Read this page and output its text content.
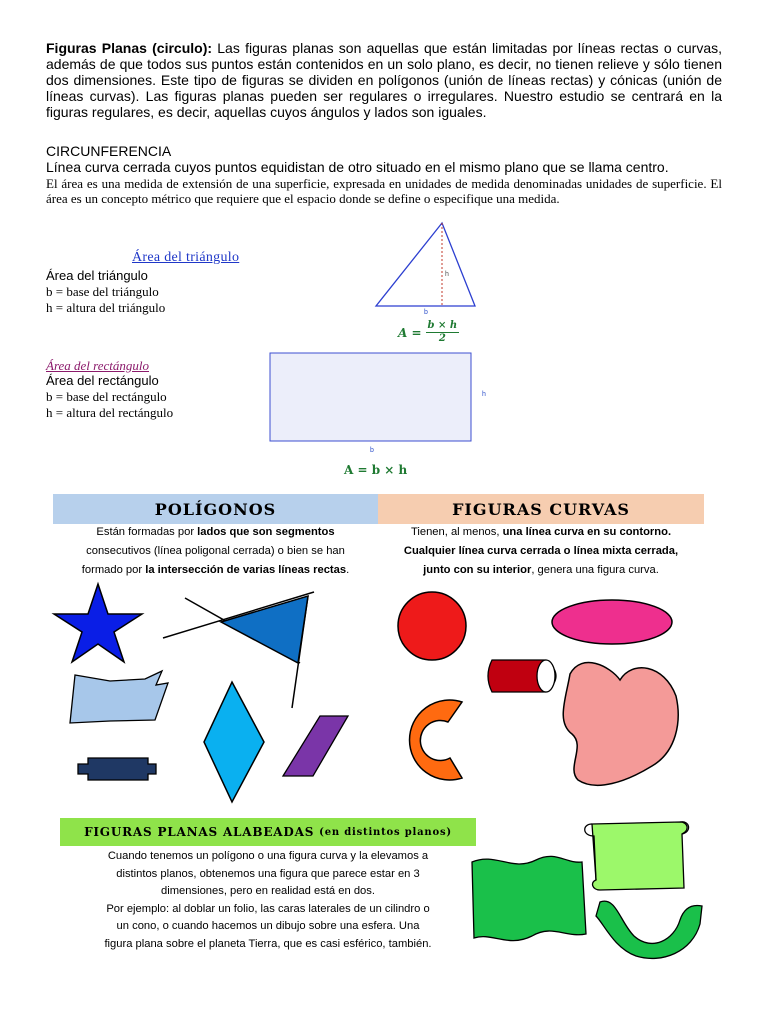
Figuras Planas (circulo): Las figuras planas son aquellas que están limitadas por líneas rectas o curvas, además de que todos sus puntos están contenidos en un solo plano, es decir, no tienen relieve y sólo tienen dos dimensiones. Este tipo de figuras se dividen en polígonos (unión de líneas rectas) y cónicas (unión de líneas curvas). Las figuras planas pueden ser regulares o irregulares. Nuestro estudio se centrará en la figuras regulares, es decir, aquellas cuyos ángulos y lados son iguales.
CIRCUNFERENCIA
Línea curva cerrada cuyos puntos equidistan de otro situado en el mismo plano que se llama centro.
El área es una medida de extensión de una superficie, expresada en unidades de medida denominadas unidades de superficie. El área es un concepto métrico que requiere que el espacio donde se define o especifique una medida.
Área del triángulo
Área del triángulo
b = base del triángulo
h = altura del triángulo
h
b
$A = \frac{b \times h}{2}$
Área del rectángulo
Área del rectángulo
b = base del rectángulo
h = altura del rectángulo
h
b
A = b × h
POLÍGONOS	FIGURAS CURVAS
Están formadas por lados que son segmentos
consecutivos (línea poligonal cerrada) o bien se han
formado por la intersección de varias líneas rectas.
Tienen, al menos, una línea curva en su contorno.
Cualquier línea curva cerrada o línea mixta cerrada,
junto con su interior, genera una figura curva.
FIGURAS PLANAS ALABEADAS
(en distintos planos)
Cuando tenemos un polígono o una figura curva y la elevamos a
distintos planos, obtenemos una figura que parece estar en 3
dimensiones, pero en realidad está en dos.
Por ejemplo: al doblar un folio, las caras laterales de un cilindro o
un cono, o cuando hacemos un dibujo sobre una esfera. Una
figura plana sobre el planeta Tierra, que es casi esférico, también.
